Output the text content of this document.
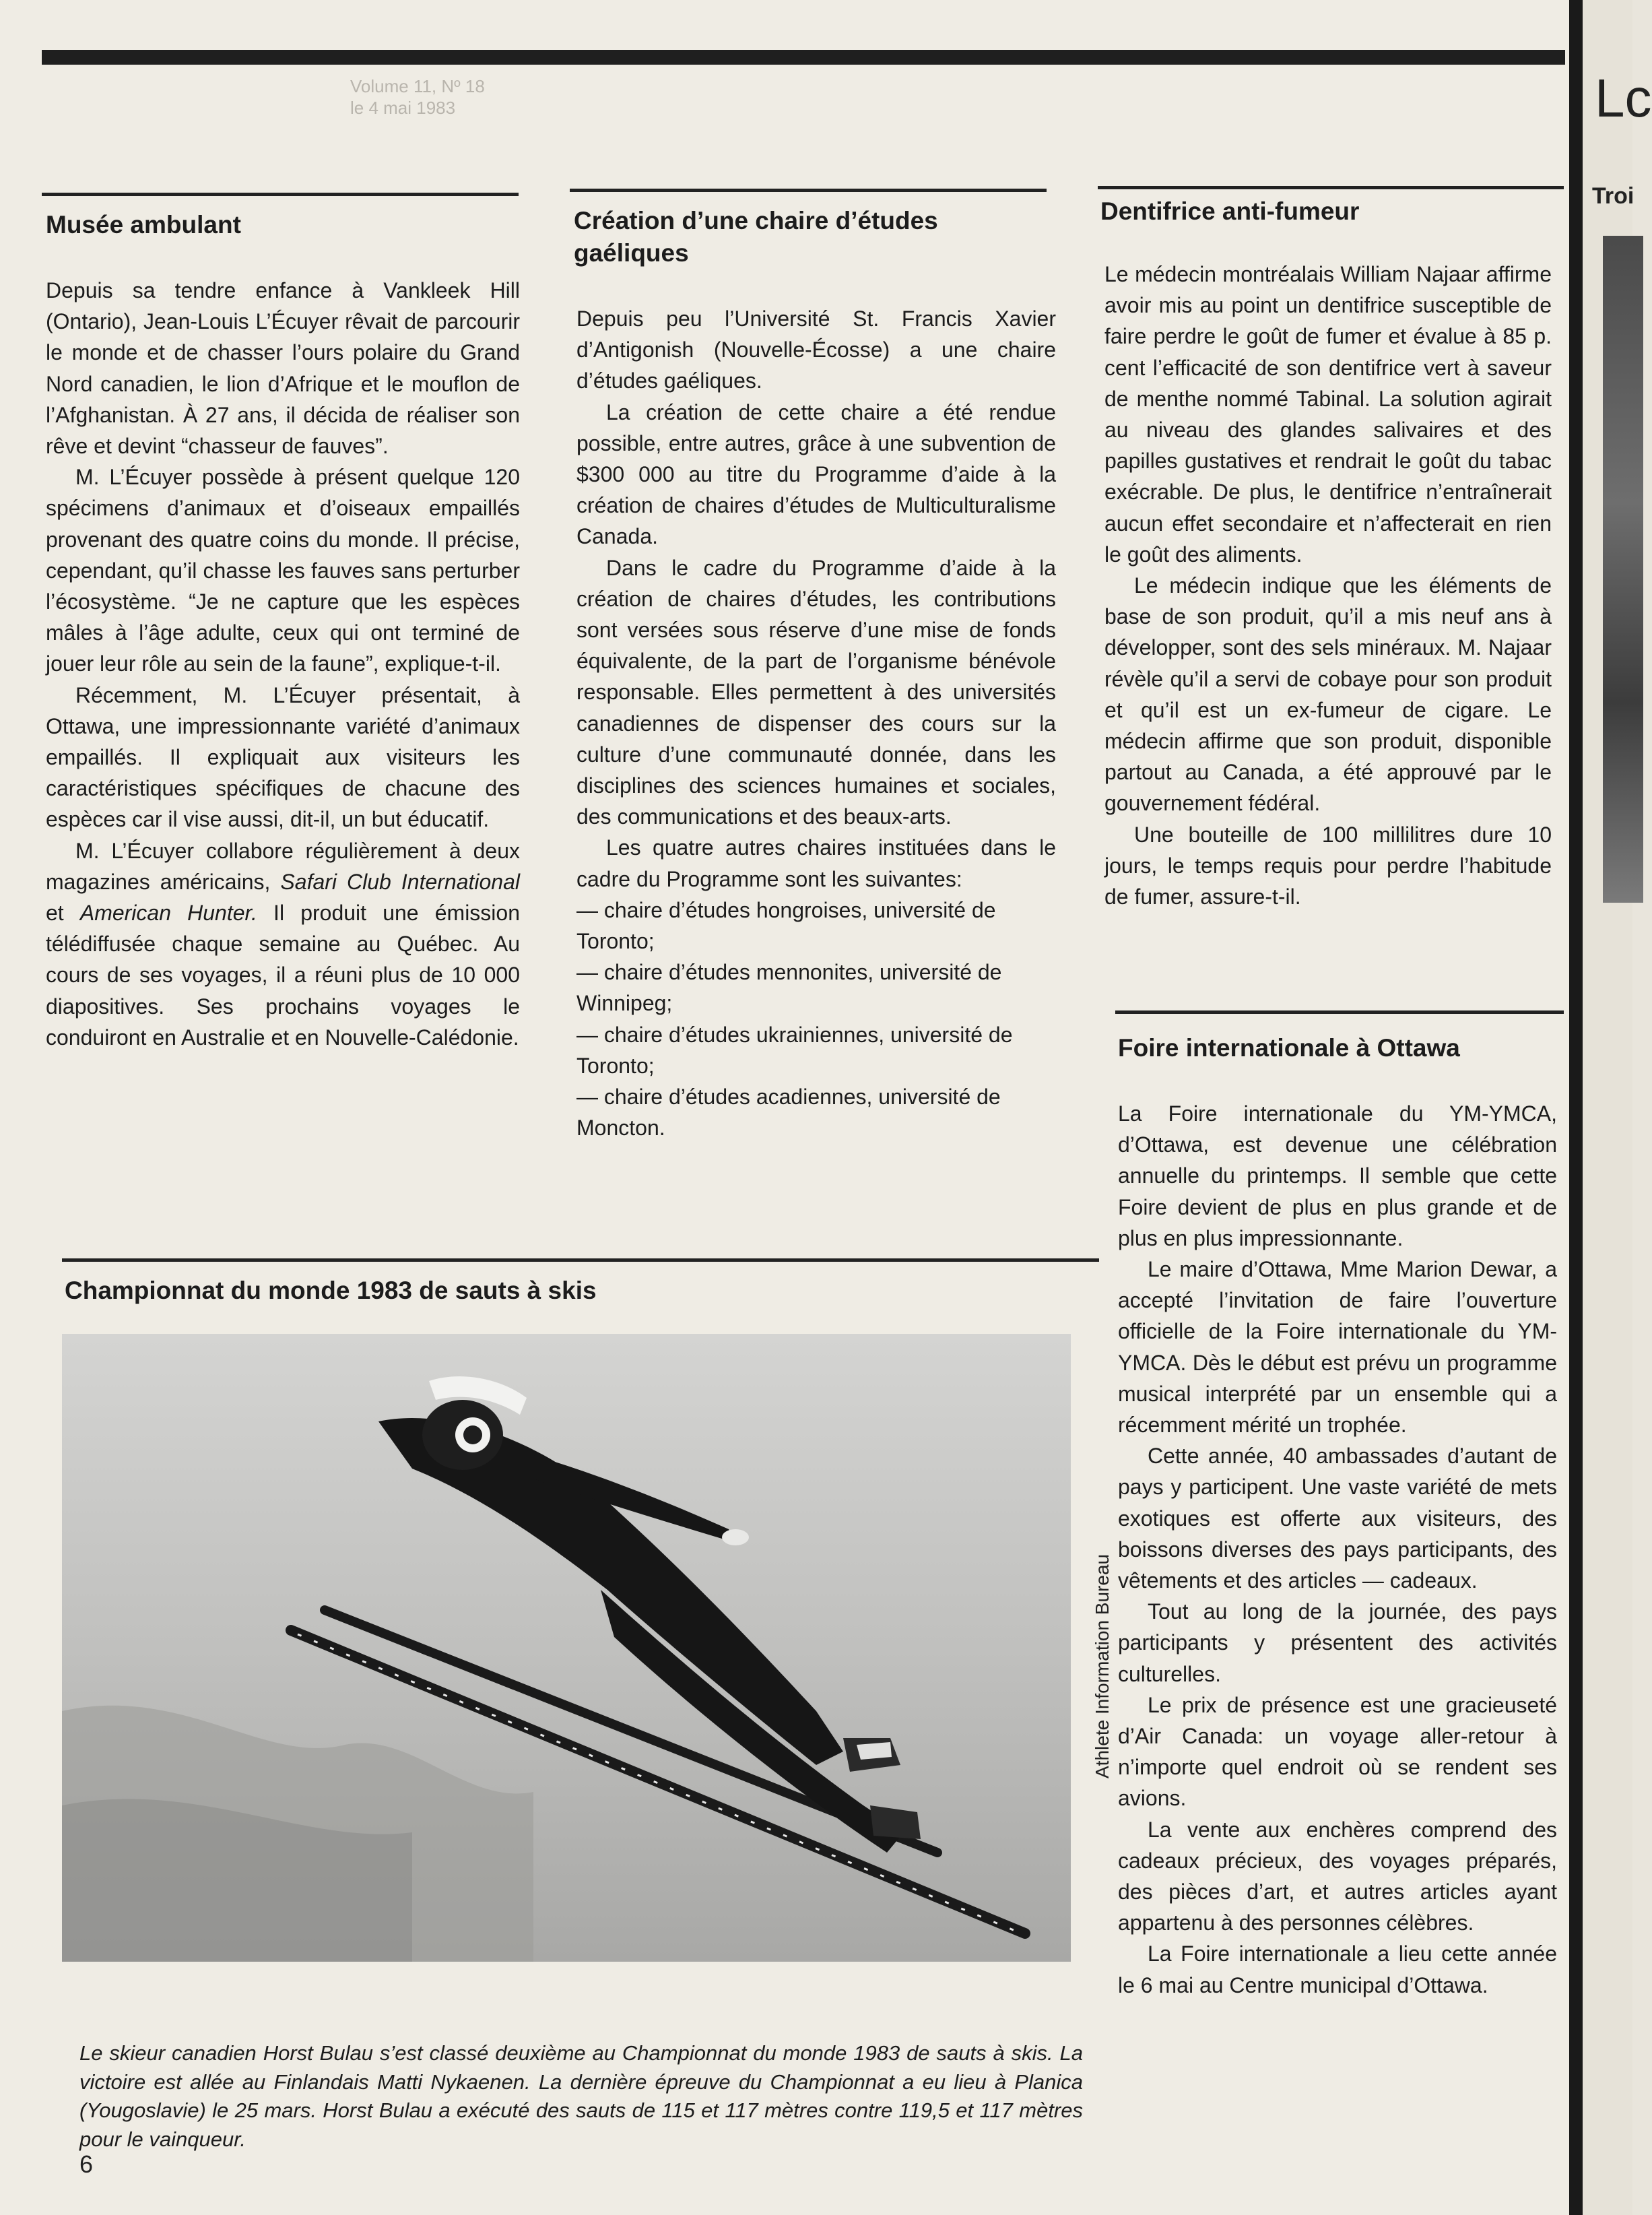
Volume 11, Nº 18
le 4 mai 1983
Musée ambulant

Depuis sa tendre enfance à Vankleek Hill (Ontario), Jean-Louis L’Écuyer rêvait de parcourir le monde et de chasser l’ours polaire du Grand Nord canadien, le lion d’Afrique et le mouflon de l’Afghanistan. À 27 ans, il décida de réaliser son rêve et devint “chasseur de fauves”.

M. L’Écuyer possède à présent quelque 120 spécimens d’animaux et d’oiseaux empaillés provenant des quatre coins du monde. Il précise, cependant, qu’il chasse les fauves sans perturber l’écosystème. “Je ne capture que les espèces mâles à l’âge adulte, ceux qui ont terminé de jouer leur rôle au sein de la faune”, explique-t-il.

Récemment, M. L’Écuyer présentait, à Ottawa, une impressionnante variété d’animaux empaillés. Il expliquait aux visiteurs les caractéristiques spécifiques de chacune des espèces car il vise aussi, dit-il, un but éducatif.

M. L’Écuyer collabore régulièrement à deux magazines américains, Safari Club International et American Hunter. Il produit une émission télédiffusée chaque semaine au Québec. Au cours de ses voyages, il a réuni plus de 10 000 diapositives. Ses prochains voyages le conduiront en Australie et en Nouvelle-Calédonie.

Création d’une chaire d’études gaéliques

Depuis peu l’Université St. Francis Xavier d’Antigonish (Nouvelle-Écosse) a une chaire d’études gaéliques.

La création de cette chaire a été rendue possible, entre autres, grâce à une subvention de $300 000 au titre du Programme d’aide à la création de chaires d’études de Multiculturalisme Canada.

Dans le cadre du Programme d’aide à la création de chaires d’études, les contributions sont versées sous réserve d’une mise de fonds équivalente, de la part de l’organisme bénévole responsable. Elles permettent à des universités canadiennes de dispenser des cours sur la culture d’une communauté donnée, dans les disciplines des sciences humaines et sociales, des communications et des beaux-arts.

Les quatre autres chaires instituées dans le cadre du Programme sont les suivantes:

— chaire d’études hongroises, université de Toronto;

— chaire d’études mennonites, université de Winnipeg;

— chaire d’études ukrainiennes, université de Toronto;

— chaire d’études acadiennes, université de Moncton.

Dentifrice anti-fumeur

Le médecin montréalais William Najaar affirme avoir mis au point un dentifrice susceptible de faire perdre le goût de fumer et évalue à 85 p. cent l’efficacité de son dentifrice vert à saveur de menthe nommé Tabinal. La solution agirait au niveau des glandes salivaires et des papilles gustatives et rendrait le goût du tabac exécrable. De plus, le dentifrice n’entraînerait aucun effet secondaire et n’affecterait en rien le goût des aliments.

Le médecin indique que les éléments de base de son produit, qu’il a mis neuf ans à développer, sont des sels minéraux. M. Najaar révèle qu’il a servi de cobaye pour son produit et qu’il est un ex-fumeur de cigare. Le médecin affirme que son produit, disponible partout au Canada, a été approuvé par le gouvernement fédéral.

Une bouteille de 100 millilitres dure 10 jours, le temps requis pour perdre l’habitude de fumer, assure-t-il.

Foire internationale à Ottawa

La Foire internationale du YM-YMCA, d’Ottawa, est devenue une célébration annuelle du printemps. Il semble que cette Foire devient de plus en plus grande et de plus en plus impressionnante.

Le maire d’Ottawa, Mme Marion Dewar, a accepté l’invitation de faire l’ouverture officielle de la Foire internationale du YM-YMCA. Dès le début est prévu un programme musical interprété par un ensemble qui a récemment mérité un trophée.

Cette année, 40 ambassades d’autant de pays y participent. Une vaste variété de mets exotiques est offerte aux visiteurs, des boissons diverses des pays participants, des vêtements et des articles — cadeaux.

Tout au long de la journée, des pays participants y présentent des activités culturelles.

Le prix de présence est une gracieuseté d’Air Canada: un voyage aller-retour à n’importe quel endroit où se rendent ses avions.

La vente aux enchères comprend des cadeaux précieux, des voyages préparés, des pièces d’art, et autres articles ayant appartenu à des personnes célèbres.

La Foire internationale a lieu cette année le 6 mai au Centre municipal d’Ottawa.

Championnat du monde 1983 de sauts à skis
Athlete Information Bureau

Le skieur canadien Horst Bulau s’est classé deuxième au Championnat du monde 1983 de sauts à skis. La victoire est allée au Finlandais Matti Nykaenen. La dernière épreuve du Championnat a eu lieu à Planica (Yougoslavie) le 25 mars. Horst Bulau a exécuté des sauts de 115 et 117 mètres contre 119,5 et 117 mètres pour le vainqueur.

6
Lc
Troi
